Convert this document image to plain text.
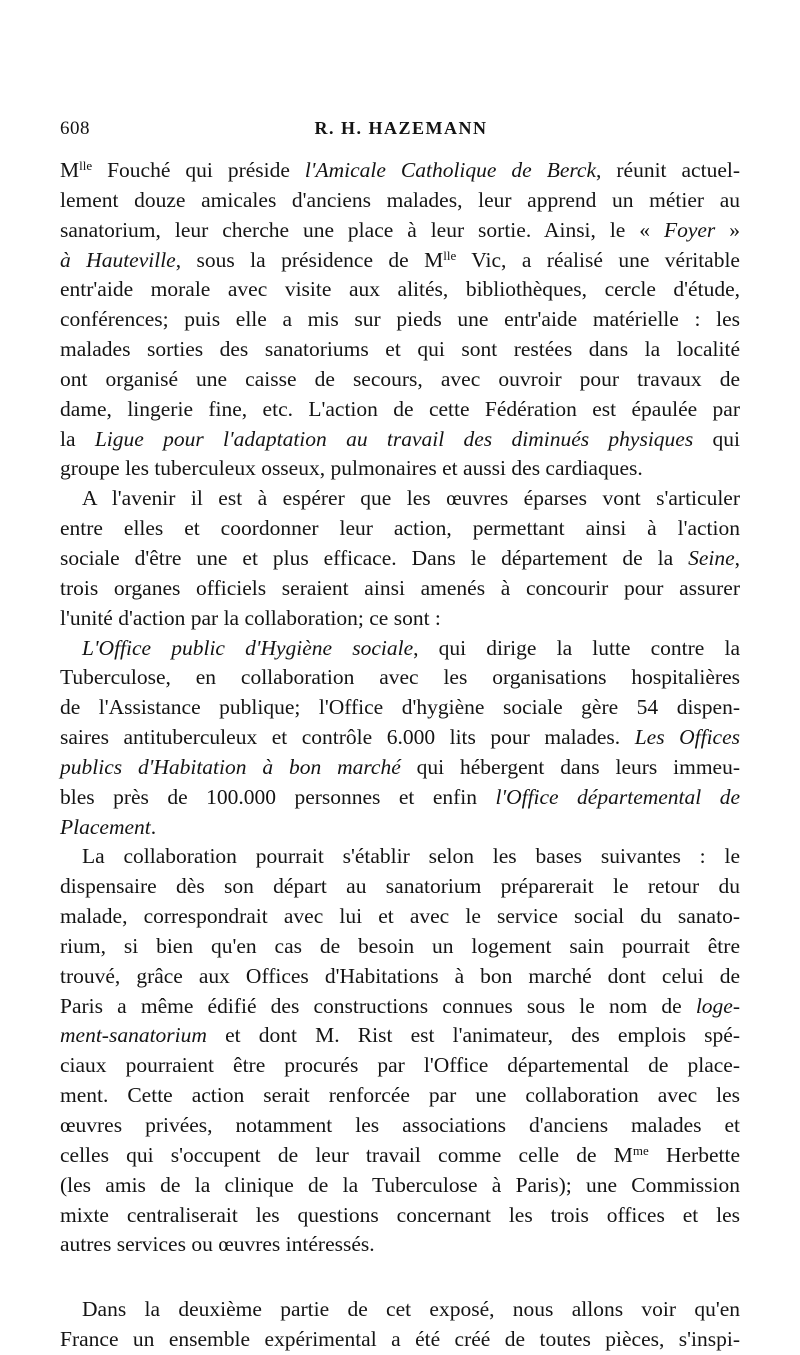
608	R. H. HAZEMANN
$M^{lle}$ Fouché qui préside l'Amicale Catholique de Berck, réunit actuel-
lement douze amicales d'anciens malades, leur apprend un métier au
sanatorium, leur cherche une place à leur sortie. Ainsi, le « Foyer »
à Hauteville, sous la présidence de $M^{lle}$ Vic, a réalisé une véritable
entr'aide morale avec visite aux alités, bibliothèques, cercle d'étude,
conférences; puis elle a mis sur pieds une entr'aide matérielle : les
malades sorties des sanatoriums et qui sont restées dans la localité
ont organisé une caisse de secours, avec ouvroir pour travaux de
dame, lingerie fine, etc. L'action de cette Fédération est épaulée par
la Ligue pour l'adaptation au travail des diminués physiques qui
groupe les tuberculeux osseux, pulmonaires et aussi des cardiaques.
A l'avenir il est à espérer que les œuvres éparses vont s'articuler
entre elles et coordonner leur action, permettant ainsi à l'action
sociale d'être une et plus efficace. Dans le département de la Seine,
trois organes officiels seraient ainsi amenés à concourir pour assurer
l'unité d'action par la collaboration; ce sont :
L'Office public d'Hygiène sociale, qui dirige la lutte contre la
Tuberculose, en collaboration avec les organisations hospitalières
de l'Assistance publique; l'Office d'hygiène sociale gère 54 dispen-
saires antituberculeux et contrôle 6.000 lits pour malades. Les Offices
publics d'Habitation à bon marché qui hébergent dans leurs immeu-
bles près de 100.000 personnes et enfin l'Office départemental de
Placement.
La collaboration pourrait s'établir selon les bases suivantes : le
dispensaire dès son départ au sanatorium préparerait le retour du
malade, correspondrait avec lui et avec le service social du sanato-
rium, si bien qu'en cas de besoin un logement sain pourrait être
trouvé, grâce aux Offices d'Habitations à bon marché dont celui de
Paris a même édifié des constructions connues sous le nom de loge-
ment-sanatorium et dont M. Rist est l'animateur, des emplois spé-
ciaux pourraient être procurés par l'Office départemental de place-
ment. Cette action serait renforcée par une collaboration avec les
œuvres privées, notamment les associations d'anciens malades et
celles qui s'occupent de leur travail comme celle de $M^{me}$ Herbette
(les amis de la clinique de la Tuberculose à Paris); une Commission
mixte centraliserait les questions concernant les trois offices et les
autres services ou œuvres intéressés.
Dans la deuxième partie de cet exposé, nous allons voir qu'en
France un ensemble expérimental a été créé de toutes pièces, s'inspi-
